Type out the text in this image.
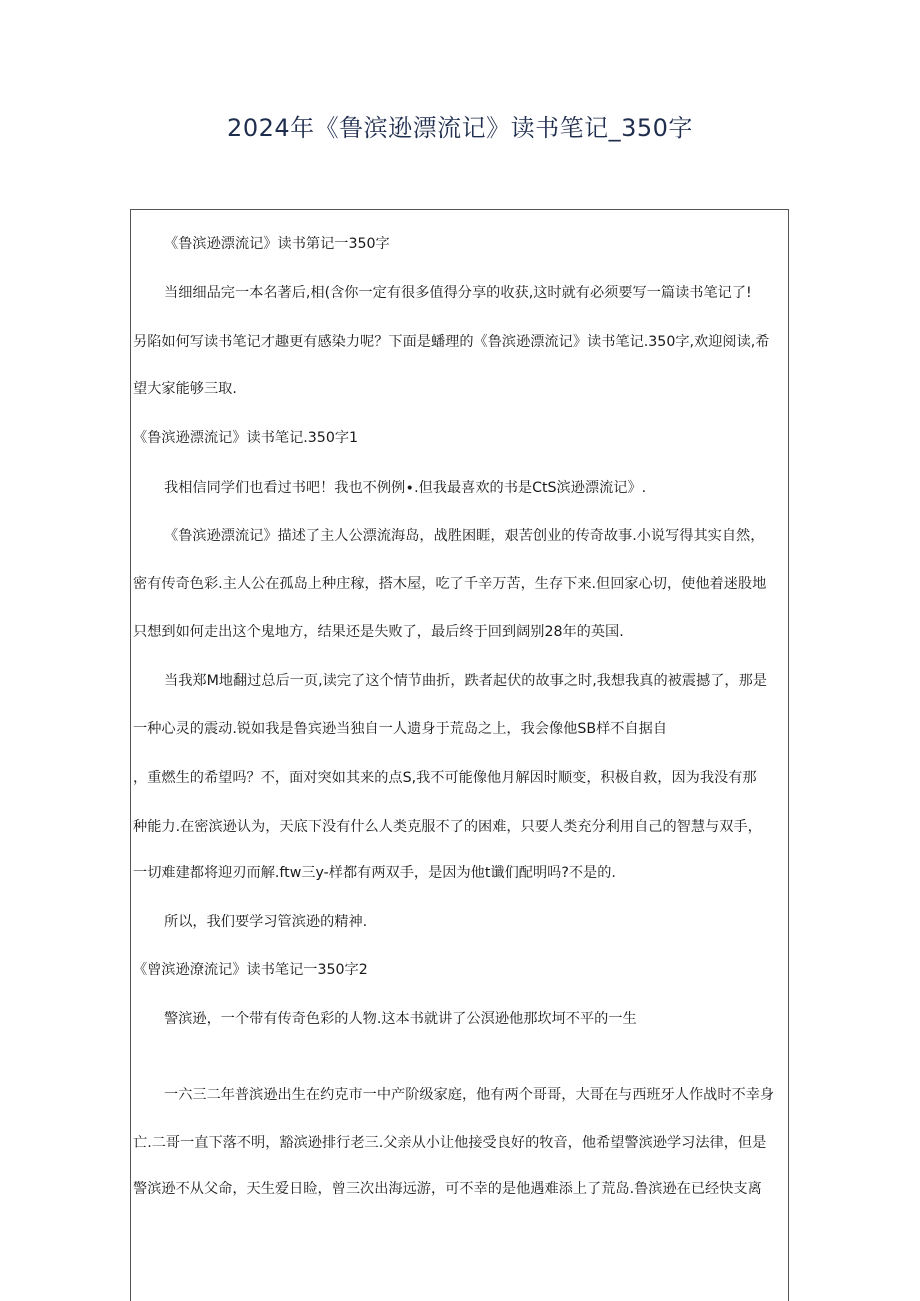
2024年《鲁滨逊漂流记》读书笔记_350字
《鲁滨逊漂流记》读书第记一350字
当细细品完一本名著后,相(含你一定有很多值得分享的收获,这时就有必须要写一篇读书笔记了!
另陷如何写读书笔记才趣更有感染力呢？下面是蟠理的《鲁滨逊漂流记》读书笔记.350字,欢迎阅读,希
望大家能够三取.
《鲁滨逊漂流记》读书笔记.350字1
我相信同学们也看过书吧！我也不例例∙.但我最喜欢的书是CtS滨逊漂流记》.
《鲁滨逊漂流记》描述了主人公漂流海岛，战胜困睚，艰苦创业的传奇故事.小说写得其实自然，
密有传奇色彩.主人公在孤岛上种庄稼，搭木屋，吃了千辛万苦，生存下来.但回家心切，使他着迷股地
只想到如何走出这个鬼地方，结果还是失败了，最后终于回到阔别28年的英国.
当我郑M地翻过总后一页,读完了这个情节曲折，跌者起伏的故事之时,我想我真的被震撼了，那是
一种心灵的震动.锐如我是鲁宾逊当独自一人遗身于荒岛之上，我会像他SB样不自据自
，重燃生的希望吗？不，面对突如其来的点S,我不可能像他月解因时顺变，积极自救，因为我没有那
种能力.在密滨逊认为，天底下没有什么人类克服不了的困难，只要人类充分利用自己的智慧与双手，
一切难建都将迎刃而解.ftw三y-样都有两双手，是因为他t谶们配明吗?不是的.
所以，我们要学习管滨逊的精神.
《曾滨逊潦流记》读书笔记一350字2
警滨逊，一个带有传奇色彩的人物.这本书就讲了公溟逊他那坎坷不平的一生
一六三二年普滨逊出生在约克市一中产阶级家庭，他有两个哥哥，大哥在与西班牙人作战时不幸身
亡.二哥一直下落不明，豁滨逊排行老三.父亲从小让他接受良好的牧音，他希望警滨逊学习法律，但是
警滨逊不从父命，天生爱日睑，曾三次出海远游，可不幸的是他遇难添上了荒岛.鲁滨逊在已经快支离
